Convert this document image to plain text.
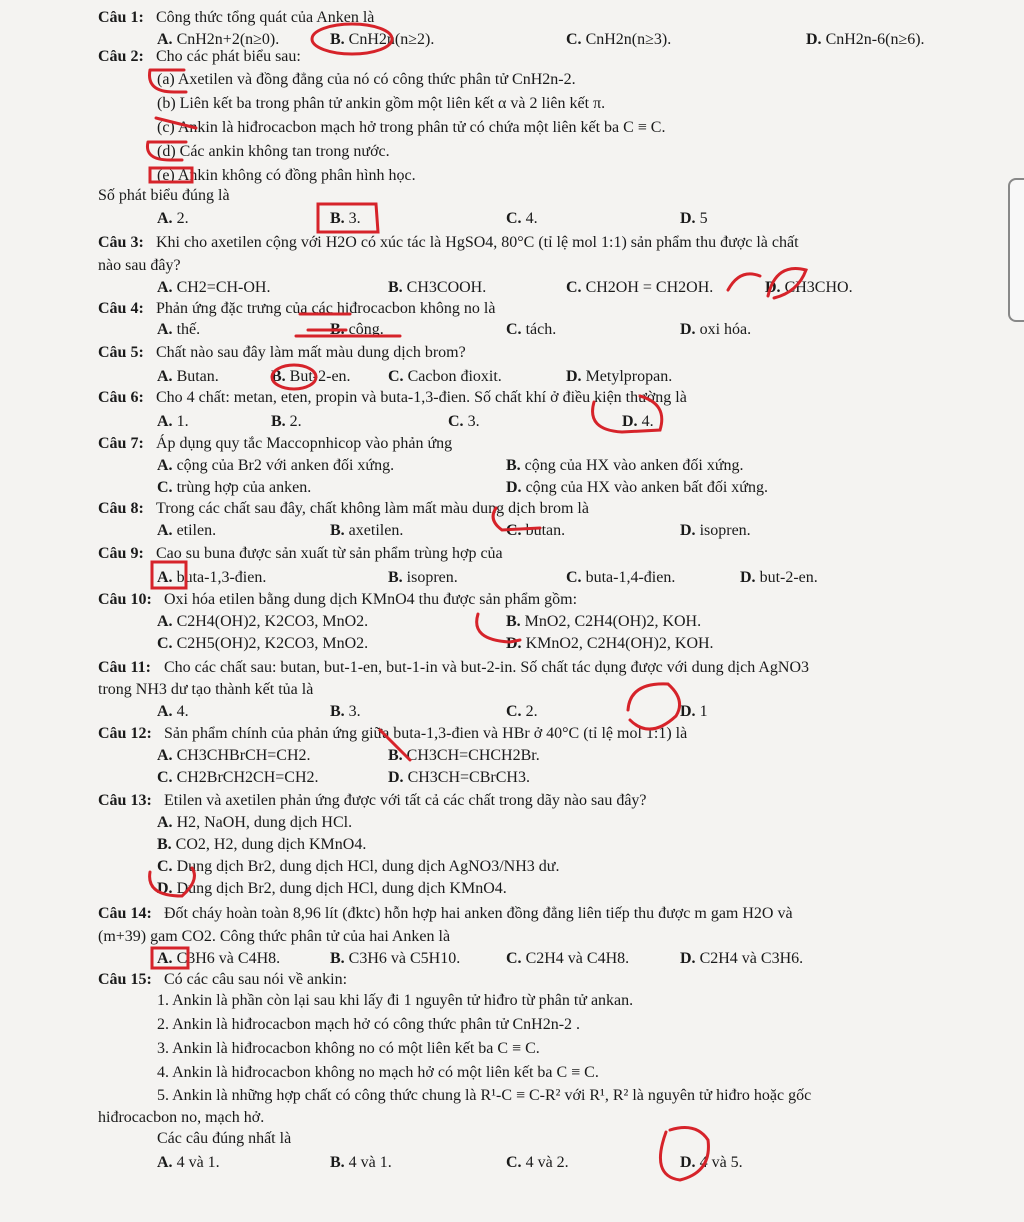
Câu 1: Công thức tổng quát của Anken là
A. CnH2n+2(n≥0).	B. CnH2n(n≥2).	C. CnH2n(n≥3).	D. CnH2n-6(n≥6).
Câu 2: Cho các phát biểu sau:
(a) Axetilen và đồng đẳng của nó có công thức phân tử CnH2n-2.
(b) Liên kết ba trong phân tử ankin gồm một liên kết α và 2 liên kết π.
(c) Ankin là hiđrocacbon mạch hở trong phân tử có chứa một liên kết ba C ≡ C.
(d) Các ankin không tan trong nước.
(e) Ankin không có đồng phân hình học.
Số phát biểu đúng là
A. 2.	B. 3.	C. 4.	D. 5
Câu 3: Khi cho axetilen cộng với H2O có xúc tác là HgSO4, 80°C (tỉ lệ mol 1:1) sản phẩm thu được là chất
nào sau đây?
A. CH2=CH-OH.	B. CH3COOH.	C. CH2OH = CH2OH.	D. CH3CHO.
Câu 4: Phản ứng đặc trưng của các hiđrocacbon không no là
A. thế.	B. cộng.	C. tách.	D. oxi hóa.
Câu 5: Chất nào sau đây làm mất màu dung dịch brom?
A. Butan.	B. But-2-en. C. Cacbon đioxit.	D. Metylpropan.
Câu 6: Cho 4 chất: metan, eten, propin và buta-1,3-đien. Số chất khí ở điều kiện thường là
A. 1.	B. 2.	C. 3.	D. 4.
Câu 7: Áp dụng quy tắc Maccopnhicop vào phản ứng
A. cộng của Br2 với anken đối xứng.	B. cộng của HX vào anken đối xứng.
C. trùng hợp của anken.	D. cộng của HX vào anken bất đối xứng.
Câu 8: Trong các chất sau đây, chất không làm mất màu dung dịch brom là
A. etilen.	B. axetilen.	C. butan.	D. isopren.
Câu 9: Cao su buna được sản xuất từ sản phẩm trùng hợp của
A. buta-1,3-đien.	B. isopren.	C. buta-1,4-đien.	D. but-2-en.
Câu 10: Oxi hóa etilen bằng dung dịch KMnO4 thu được sản phẩm gồm:
A. C2H4(OH)2, K2CO3, MnO2.	B. MnO2, C2H4(OH)2, KOH.
C. C2H5(OH)2, K2CO3, MnO2.	D. KMnO2, C2H4(OH)2, KOH.
Câu 11: Cho các chất sau: butan, but-1-en, but-1-in và but-2-in. Số chất tác dụng được với dung dịch AgNO3
trong NH3 dư tạo thành kết tủa là
A. 4.	B. 3.	C. 2.	D. 1
Câu 12: Sản phẩm chính của phản ứng giữa buta-1,3-đien và HBr ở 40°C (tỉ lệ mol 1:1) là
A. CH3CHBrCH=CH2.	B. CH3CH=CHCH2Br.
C. CH2BrCH2CH=CH2.	D. CH3CH=CBrCH3.
Câu 13: Etilen và axetilen phản ứng được với tất cả các chất trong dãy nào sau đây?
A. H2, NaOH, dung dịch HCl.
B. CO2, H2, dung dịch KMnO4.
C. Dung dịch Br2, dung dịch HCl, dung dịch AgNO3/NH3 dư.
D. Dung dịch Br2, dung dịch HCl, dung dịch KMnO4.
Câu 14: Đốt cháy hoàn toàn 8,96 lít (đktc) hỗn hợp hai anken đồng đẳng liên tiếp thu được m gam H2O và
(m+39) gam CO2. Công thức phân tử của hai Anken là
A. C3H6 và C4H8.	B. C3H6 và C5H10.	C. C2H4 và C4H8.	D. C2H4 và C3H6.
Câu 15: Có các câu sau nói về ankin:
1. Ankin là phần còn lại sau khi lấy đi 1 nguyên tử hiđro từ phân tử ankan.
2. Ankin là hiđrocacbon mạch hở có công thức phân tử CnH2n-2 .
3. Ankin là hiđrocacbon không no có một liên kết ba C ≡ C.
4. Ankin là hiđrocacbon không no mạch hở có một liên kết ba C ≡ C.
5. Ankin là những hợp chất có công thức chung là R¹-C ≡ C-R² với R¹, R² là nguyên tử hiđro hoặc gốc
hiđrocacbon no, mạch hở.
Các câu đúng nhất là
A. 4 và 1.	B. 4 và 1.	C. 4 và 2.	D. 4 và 5.
